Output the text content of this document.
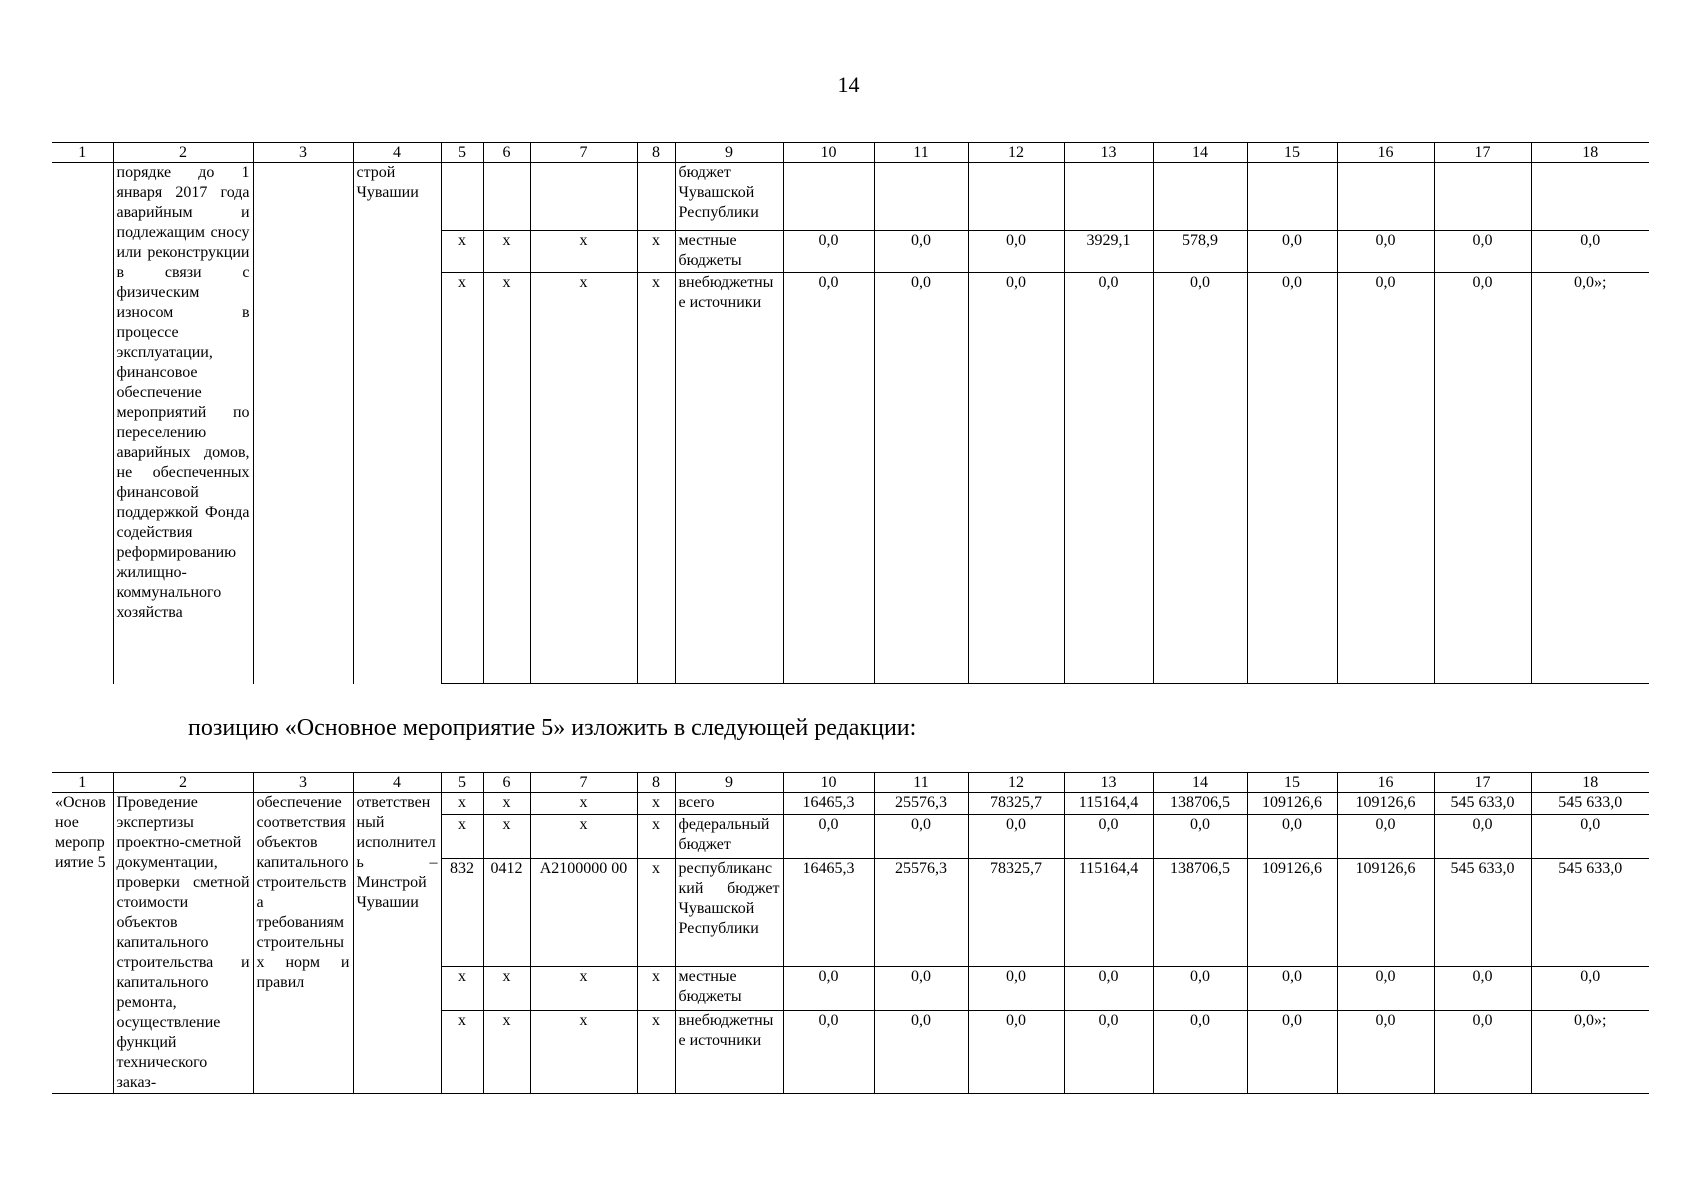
14
1	2	3	4	5	6	7	8	9	10	11	12	13	14	15	16	17	18
	порядке до 1 января 2017 года аварийным и подлежащим сносу или реконструкции в связи с физическим износом в процессе эксплуатации, финансовое обеспечение мероприятий по переселению аварийных домов, не обеспеченных финансовой поддержкой Фонда содействия реформированию жилищно-коммунального хозяйства		строй Чувашии					бюджет Чувашской Республики									
				x	x	x	x	местные бюджеты	0,0	0,0	0,0	3929,1	578,9	0,0	0,0	0,0	0,0
				x	x	x	x	внебюджетные источники	0,0	0,0	0,0	0,0	0,0	0,0	0,0	0,0	0,0»;
позицию «Основное мероприятие 5» изложить в следующей редакции:
1	2	3	4	5	6	7	8	9	10	11	12	13	14	15	16	17	18
«Основное мероприятие 5	Проведение экспертизы проектно-сметной документации, проверки сметной стоимости объектов капитального строительства и капитального ремонта, осуществление функций технического заказ-	обеспечение соответствия объектов капитального строительства требованиям строительных норм и правил	ответственный исполнитель – Минстрой Чувашии	x	x	x	x	всего	16465,3	25576,3	78325,7	115164,4	138706,5	109126,6	109126,6	545 633,0	545 633,0
				x	x	x	x	федеральный бюджет	0,0	0,0	0,0	0,0	0,0	0,0	0,0	0,0	0,0
				832	0412	А2100000 00	x	республиканский бюджет Чувашской Республики	16465,3	25576,3	78325,7	115164,4	138706,5	109126,6	109126,6	545 633,0	545 633,0
				x	x	x	x	местные бюджеты	0,0	0,0	0,0	0,0	0,0	0,0	0,0	0,0	0,0
				x	x	x	x	внебюджетные источники	0,0	0,0	0,0	0,0	0,0	0,0	0,0	0,0	0,0»;
